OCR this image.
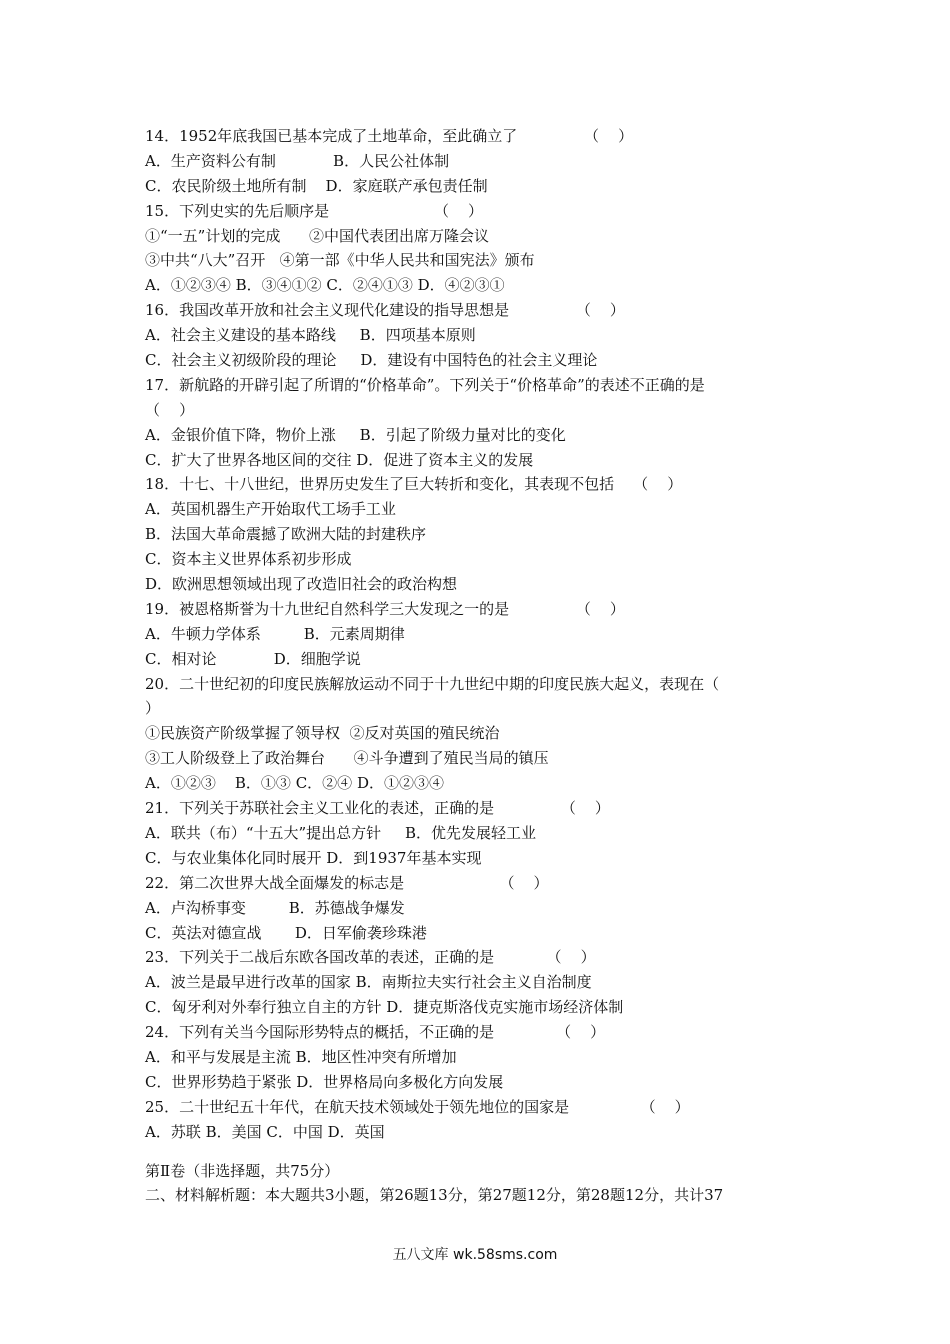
14．1952年底我国已基本完成了土地革命，至此确立了              （    ）
A．生产资料公有制            B．人民公社体制
C．农民阶级土地所有制    D．家庭联产承包责任制
15．下列史实的先后顺序是                      （    ）
①“一五”计划的完成      ②中国代表团出席万隆会议
③中共“八大”召开   ④第一部《中华人民共和国宪法》颁布
A．①②③④ B．③④①② C．②④①③ D．④②③①
16．我国改革开放和社会主义现代化建设的指导思想是              （    ）
A．社会主义建设的基本路线     B．四项基本原则
C．社会主义初级阶段的理论     D．建设有中国特色的社会主义理论
17．新航路的开辟引起了所谓的“价格革命”。下列关于“价格革命”的表述不正确的是
（    ）
A．金银价值下降，物价上涨     B．引起了阶级力量对比的变化
C．扩大了世界各地区间的交往 D．促进了资本主义的发展
18．十七、十八世纪，世界历史发生了巨大转折和变化，其表现不包括    （    ）
A．英国机器生产开始取代工场手工业
B．法国大革命震撼了欧洲大陆的封建秩序
C．资本主义世界体系初步形成
D．欧洲思想领域出现了改造旧社会的政治构想
19．被恩格斯誉为十九世纪自然科学三大发现之一的是              （    ）
A．牛顿力学体系         B．元素周期律
C．相对论            D．细胞学说
20．二十世纪初的印度民族解放运动不同于十九世纪中期的印度民族大起义，表现在（
）
①民族资产阶级掌握了领导权  ②反对英国的殖民统治
③工人阶级登上了政治舞台      ④斗争遭到了殖民当局的镇压
A．①②③    B．①③ C．②④ D．①②③④
21．下列关于苏联社会主义工业化的表述，正确的是              （    ）
A．联共（布）“十五大”提出总方针     B．优先发展轻工业
C．与农业集体化同时展开 D．到1937年基本实现
22．第二次世界大战全面爆发的标志是                    （    ）
A．卢沟桥事变         B．苏德战争爆发
C．英法对德宣战       D．日军偷袭珍珠港
23．下列关于二战后东欧各国改革的表述，正确的是           （    ）
A．波兰是最早进行改革的国家 B．南斯拉夫实行社会主义自治制度
C．匈牙利对外奉行独立自主的方针 D．捷克斯洛伐克实施市场经济体制
24．下列有关当今国际形势特点的概括，不正确的是             （    ）
A．和平与发展是主流 B．地区性冲突有所增加
C．世界形势趋于紧张 D．世界格局向多极化方向发展
25．二十世纪五十年代，在航天技术领域处于领先地位的国家是               （    ）
A．苏联 B．美国 C．中国 D．英国
第Ⅱ卷（非选择题，共75分）
二、材料解析题：本大题共3小题，第26题13分，第27题12分，第28题12分，共计37
五八文库 wk.58sms.com
